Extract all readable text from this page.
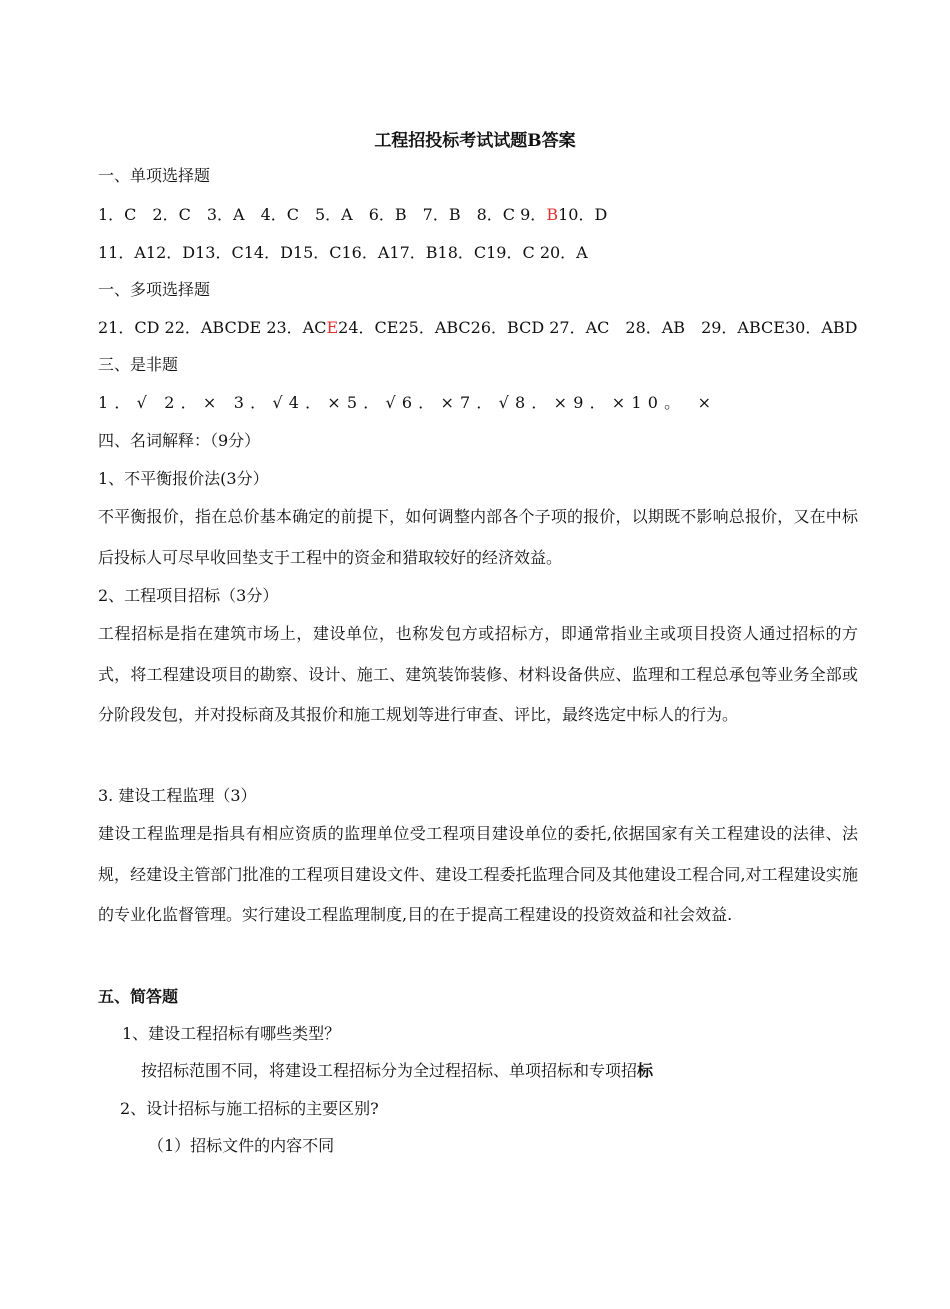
工程招投标考试试题B答案
一、单项选择题
1．C　2．C　3．A　4．C　5．A　6．B　7．B　8．C 9．B10．D
11．A12．D13．C14．D15．C16．A17．B18．C19．C 20．A
一、多项选择题
21．CD 22．ABCDE 23．ACE24．CE25．ABC26．BCD 27．AC　28．AB　29．ABCE30．ABD
三、是非题
1．√ 2．× 3．√4．×5．√6．×7．√8．×9．×10。 ×
四、名词解释：（9分）
1、不平衡报价法(3分）
不平衡报价，指在总价基本确定的前提下，如何调整内部各个子项的报价，以期既不影响总报价，又在中标后投标人可尽早收回垫支于工程中的资金和猎取较好的经济效益。
2、工程项目招标（3分）
工程招标是指在建筑市场上，建设单位，也称发包方或招标方，即通常指业主或项目投资人通过招标的方式，将工程建设项目的勘察、设计、施工、建筑装饰装修、材料设备供应、监理和工程总承包等业务全部或分阶段发包，并对投标商及其报价和施工规划等进行审查、评比，最终选定中标人的行为。
3. 建设工程监理（3）
建设工程监理是指具有相应资质的监理单位受工程项目建设单位的委托,依据国家有关工程建设的法律、法规，经建设主管部门批准的工程项目建设文件、建设工程委托监理合同及其他建设工程合同,对工程建设实施的专业化监督管理。实行建设工程监理制度,目的在于提高工程建设的投资效益和社会效益.
五、简答题
1、建设工程招标有哪些类型？
按招标范围不同，将建设工程招标分为全过程招标、单项招标和专项招标
2、设计招标与施工招标的主要区别?
（1）招标文件的内容不同
